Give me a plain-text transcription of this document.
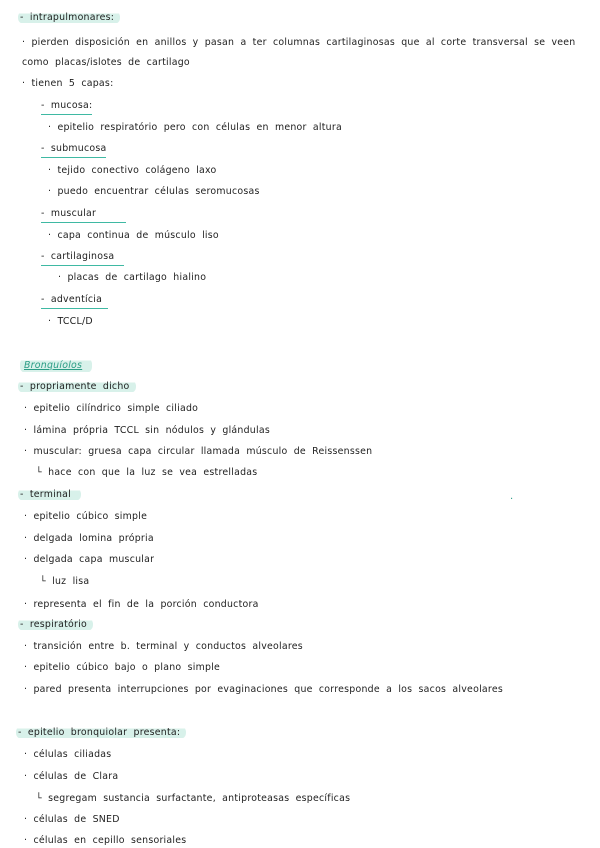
- intrapulmonares:
· pierden disposición en anillos y pasan a ter columnas cartilaginosas que al corte transversal se veen
como placas/islotes de cartilago
· tienen 5 capas:
- mucosa:
· epitelio respiratório pero con células en menor altura
- submucosa
· tejido conectivo colágeno laxo
· puedo encuentrar células seromucosas
- muscular
· capa continua de músculo liso
- cartilaginosa
· placas de cartilago hialino
- adventícia
· TCCL/D
Bronquíolos
- propriamente dicho
· epitelio cilíndrico simple ciliado
· lámina própria TCCL sin nódulos y glándulas
· muscular: gruesa capa circular llamada músculo de Reissenssen
└ hace con que la luz se vea estrelladas
- terminal	·
· epitelio cúbico simple
· delgada lomina própria
· delgada capa muscular
└ luz lisa
· representa el fin de la porción conductora
- respiratório
· transición entre b. terminal y conductos alveolares
· epitelio cúbico bajo o plano simple
· pared presenta interrupciones por evaginaciones que corresponde a los sacos alveolares
- epitelio bronquiolar presenta:
· células ciliadas
· células de Clara
└ segregam sustancia surfactante, antiproteasas específicas
· células de SNED
· células en cepillo sensoriales
